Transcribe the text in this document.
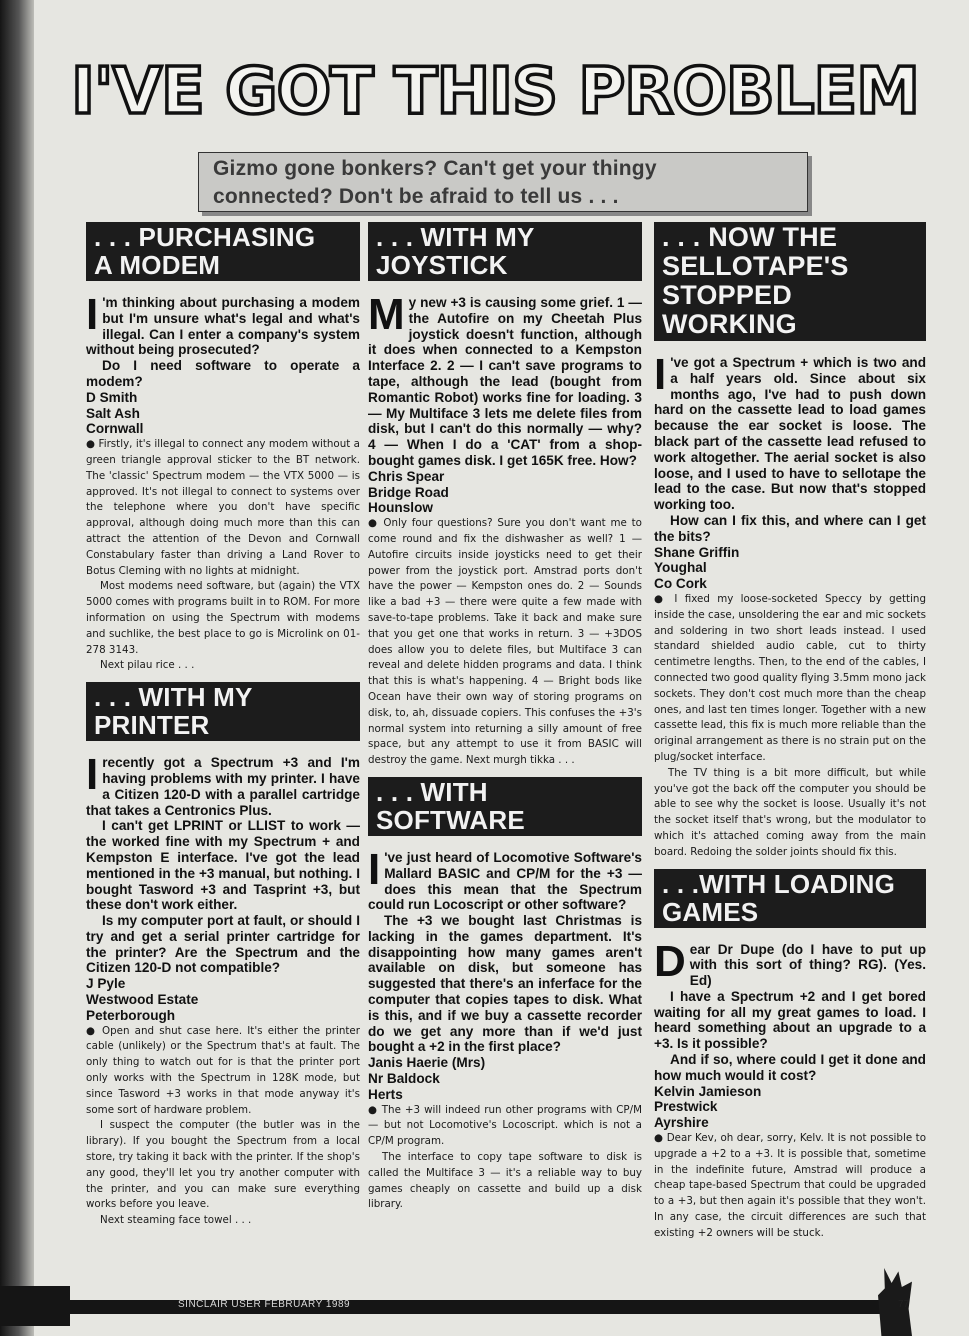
I'VE GOT THIS PROBLEM

Gizmo gone bonkers? Can't get your thingy

connected? Don't be afraid to tell us . . .

. . . PURCHASING
A MODEM

I 'm thinking about purchasing a modem but I'm unsure what's legal and what's illegal. Can I enter a company's system without being prosecuted?

Do I need software to operate a modem?

D Smith

Salt Ash

Cornwall

● Firstly, it's illegal to connect any modem without a green triangle approval sticker to the BT network. The 'classic' Spectrum modem — the VTX 5000 — is approved. It's not illegal to connect to systems over the telephone where you don't have specific approval, although doing much more than this can attract the attention of the Devon and Cornwall Constabulary faster than driving a Land Rover to Botus Cleming with no lights at midnight.

Most modems need software, but (again) the VTX 5000 comes with programs built in to ROM. For more information on using the Spectrum with modems and suchlike, the best place to go is Microlink on 01-278 3143.

Next pilau rice . . .

. . . WITH MY
PRINTER

Irecently got a Spectrum +3 and I'm having problems with my printer. I have a Citizen 120-D with a parallel cartridge that takes a Centronics Plus.

I can't get LPRINT or LLIST to work — the worked fine with my Spectrum + and Kempston E interface. I've got the lead mentioned in the +3 manual, but nothing. I bought Tasword +3 and Tasprint +3, but these don't work either.

Is my computer port at fault, or should I try and get a serial printer cartridge for the printer? Are the Spectrum and the Citizen 120-D not compatible?

J Pyle

Westwood Estate

Peterborough

● Open and shut case here. It's either the printer cable (unlikely) or the Spectrum that's at fault. The only thing to watch out for is that the printer port only works with the Spectrum in 128K mode, but since Tasword +3 works in that mode anyway it's some sort of hardware problem.

I suspect the computer (the butler was in the library). If you bought the Spectrum from a local store, try taking it back with the printer. If the shop's any good, they'll let you try another computer with the printer, and you can make sure everything works before you leave.

Next steaming face towel . . .

. . . WITH MY
JOYSTICK

My new +3 is causing some grief. 1 — the Autofire on my Cheetah Plus joystick doesn't function, although it does when connected to a Kempston Interface 2. 2 — I can't save programs to tape, although the lead (bought from Romantic Robot) works fine for loading. 3 — My Multiface 3 lets me delete files from disk, but I can't do this normally — why? 4 — When I do a 'CAT' from a shop-bought games disk. I get 165K free. How?

Chris Spear

Bridge Road

Hounslow

● Only four questions? Sure you don't want me to come round and fix the dishwasher as well? 1 — Autofire circuits inside joysticks need to get their power from the joystick port. Amstrad ports don't have the power — Kempston ones do. 2 — Sounds like a bad +3 — there were quite a few made with save-to-tape problems. Take it back and make sure that you get one that works in return. 3 — +3DOS does allow you to delete files, but Multiface 3 can reveal and delete hidden programs and data. I think that this is what's happening. 4 — Bright bods like Ocean have their own way of storing programs on disk, to, ah, dissuade copiers. This confuses the +3's normal system into returning a silly amount of free space, but any attempt to use it from BASIC will destroy the game. Next murgh tikka . . .

. . . WITH
SOFTWARE

I 've just heard of Locomotive Software's Mallard BASIC and CP/M for the +3 — does this mean that the Spectrum could run Locoscript or other software?

The +3 we bought last Christmas is lacking in the games department. It's disappointing how many games aren't available on disk, but someone has suggested that there's an inferface for the computer that copies tapes to disk. What is this, and if we buy a cassette recorder do we get any more than if we'd just bought a +2 in the first place?

Janis Haerie (Mrs)

Nr Baldock

Herts

● The +3 will indeed run other programs with CP/M — but not Locomotive's Locoscript. which is not a CP/M program.

The interface to copy tape software to disk is called the Multiface 3 — it's a reliable way to buy games cheaply on cassette and build up a disk library.

. . . NOW THE
SELLOTAPE'S
STOPPED
WORKING

I 've got a Spectrum + which is two and a half years old. Since about six months ago, I've had to push down hard on the cassette lead to load games because the ear socket is loose. The black part of the cassette lead refused to work altogether. The aerial socket is also loose, and I used to have to sellotape the lead to the case. But now that's stopped working too.

How can I fix this, and where can I get the bits?

Shane Griffin

Youghal

Co Cork

● I fixed my loose-socketed Speccy by getting inside the case, unsoldering the ear and mic sockets and soldering in two short leads instead. I used standard shielded audio cable, cut to thirty centimetre lengths. Then, to the end of the cables, I connected two good quality flying 3.5mm mono jack sockets. They don't cost much more than the cheap ones, and last ten times longer. Together with a new cassette lead, this fix is much more reliable than the original arrangement as there is no strain put on the plug/socket interface.

The TV thing is a bit more difficult, but while you've got the back off the computer you should be able to see why the socket is loose. Usually it's not the socket itself that's wrong, but the modulator to which it's attached coming away from the main board. Redoing the solder joints should fix this.

. . .WITH LOADING
GAMES

Dear Dr Dupe (do I have to put up with this sort of thing? RG). (Yes. Ed)

I have a Spectrum +2 and I get bored waiting for all my great games to load. I heard something about an upgrade to a +3. Is it possible?

And if so, where could I get it done and how much would it cost?

Kelvin Jamieson

Prestwick

Ayrshire

● Dear Kev, oh dear, sorry, Kelv. It is not possible to upgrade a +2 to a +3. It is possible that, sometime in the indefinite future, Amstrad will produce a cheap tape-based Spectrum that could be upgraded to a +3, but then again it's possible that they won't. In any case, the circuit differences are such that existing +2 owners will be stuck.

SINCLAIR USER FEBRUARY 1989	77
